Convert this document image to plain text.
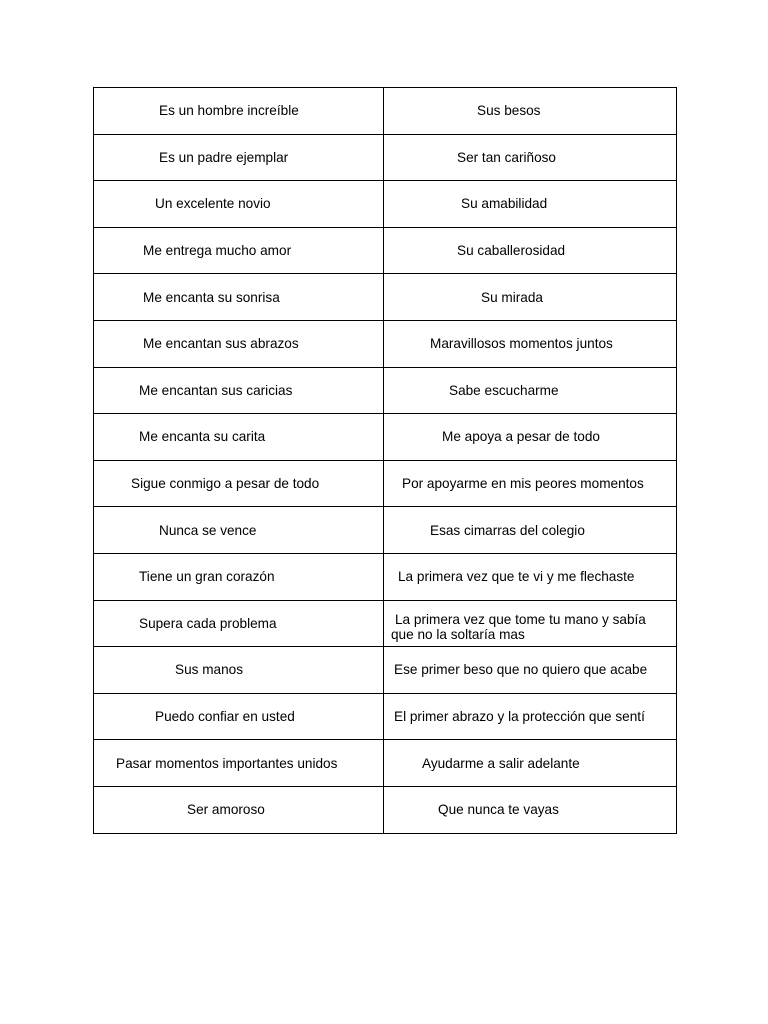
Es un hombre increíble	Sus besos

Es un padre ejemplar	Ser tan cariñoso

Un excelente novio	Su amabilidad

Me entrega mucho amor	Su caballerosidad

Me encanta su sonrisa	Su mirada

Me encantan sus abrazos	Maravillosos momentos juntos

Me encantan sus caricias	Sabe escucharme

Me encanta su carita	Me apoya a pesar de todo

Sigue conmigo a pesar de todo	Por apoyarme en mis peores momentos

Nunca se vence	Esas cimarras del colegio

Tiene un gran corazón	La primera vez que te vi y me flechaste

Supera cada problema	La primera vez que tome tu mano y sabía que no la soltaría mas

Sus manos	Ese primer beso que no quiero que acabe

Puedo confiar en usted	El primer abrazo y la protección que sentí

Pasar momentos importantes unidos	Ayudarme a salir adelante

Ser amoroso	Que nunca te vayas
